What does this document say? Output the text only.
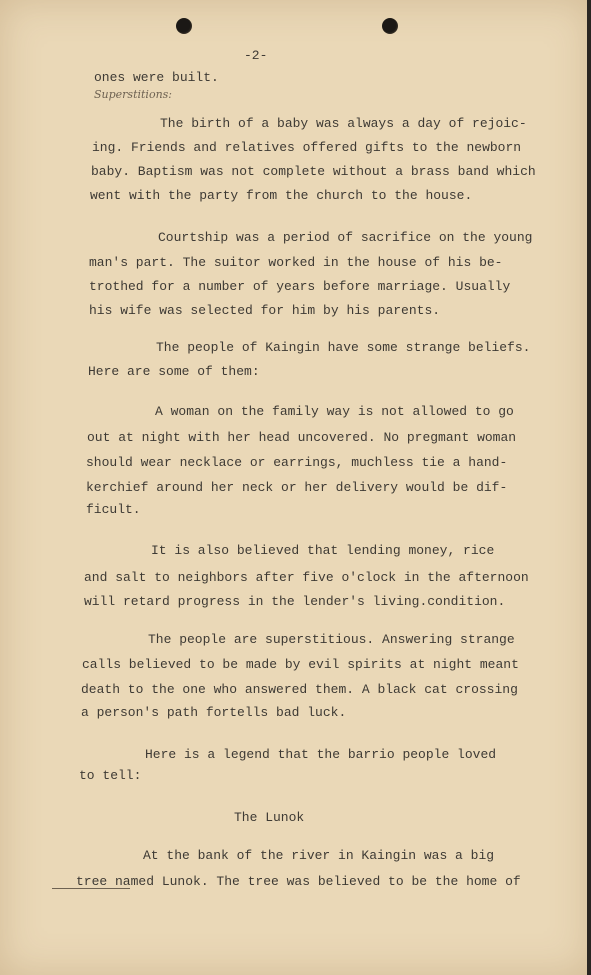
-2-
Superstitions:
ones were built.
The birth of a baby was always a day of rejoic-
ing. Friends and relatives offered gifts to the newborn
baby. Baptism was not complete without a brass band which
went with the party from the church to the house.
Courtship was a period of sacrifice on the young
man's part. The suitor worked in the house of his be-
trothed for a number of years before marriage. Usually
his wife was selected for him by his parents.
The people of Kaingin have some strange beliefs.
Here are some of them:
A woman on the family way is not allowed to go
out at night with her head uncovered. No pregmant woman
should wear necklace or earrings, muchless tie a hand-
kerchief around her neck or her delivery would be dif-
ficult.
It is also believed that lending money, rice
and salt to neighbors after five o'clock in the afternoon
will retard progress in the lender's living.condition.
The people are superstitious. Answering strange
calls believed to be made by evil spirits at night meant
death to the one who answered them. A black cat crossing
a person's path fortells bad luck.
Here is a legend that the barrio people loved
to tell:
The Lunok
At the bank of the river in Kaingin was a big
tree named Lunok. The tree was believed to be the home of
